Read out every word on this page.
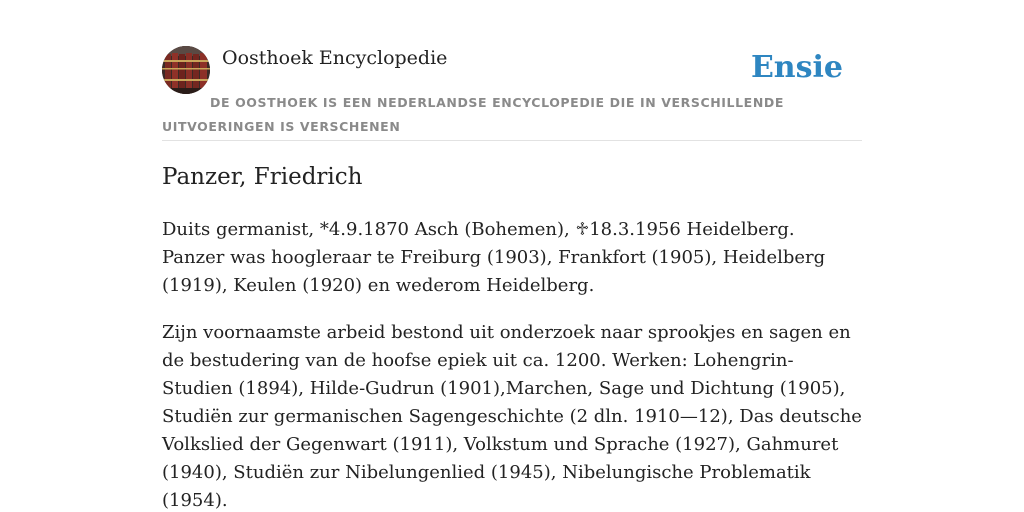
Oosthoek Encyclopedie	Ensie
DE OOSTHOEK IS EEN NEDERLANDSE ENCYCLOPEDIE DIE IN VERSCHILLENDE UITVOERINGEN IS VERSCHENEN
Panzer, Friedrich

Duits germanist, *4.9.1870 Asch (Bohemen), ♱18.3.1956 Heidelberg. Panzer was hoogleraar te Freiburg (1903), Frankfort (1905), Heidelberg (1919), Keulen (1920) en wederom Heidelberg.

Zijn voornaamste arbeid bestond uit onderzoek naar sprookjes en sagen en de bestudering van de hoofse epiek uit ca. 1200. Werken: Lohengrin-Studien (1894), Hilde-Gudrun (1901),Marchen, Sage und Dichtung (1905), Studiën zur germanischen Sagengeschichte (2 dln. 1910—12), Das deutsche Volkslied der Gegenwart (1911), Volkstum und Sprache (1927), Gahmuret (1940), Studiën zur Nibelungenlied (1945), Nibelungische Problematik (1954).
